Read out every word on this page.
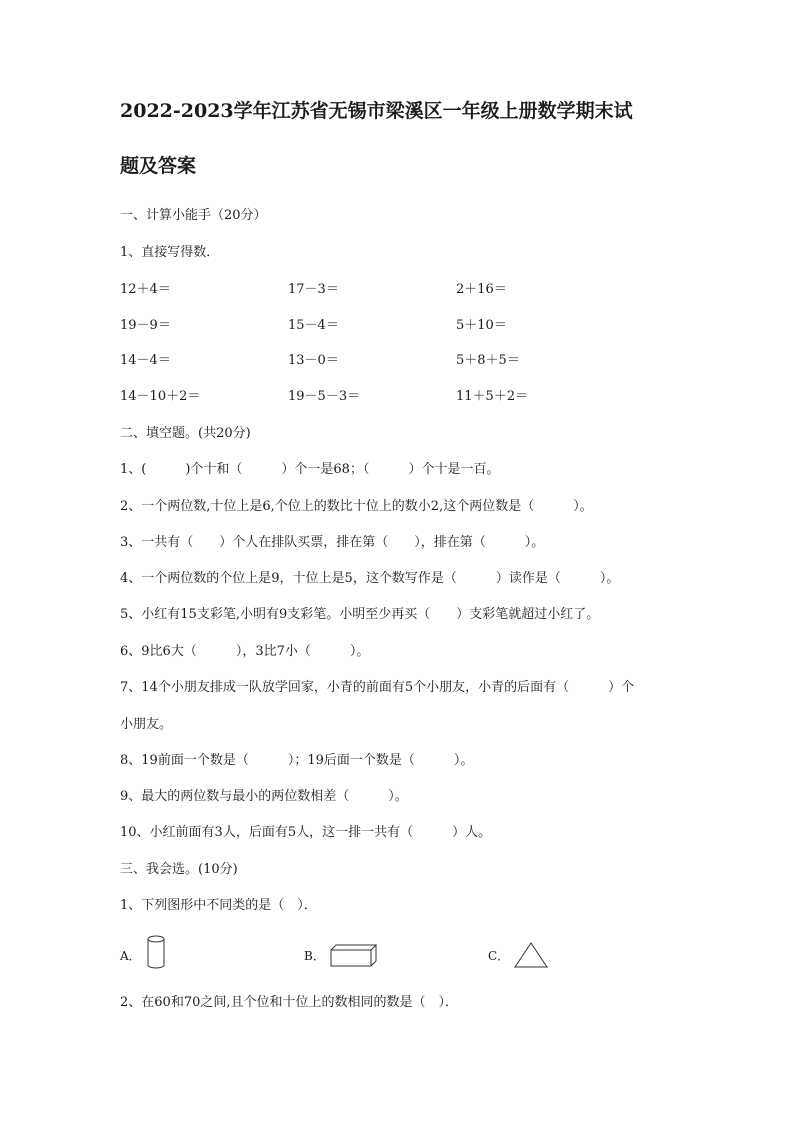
2022-2023学年江苏省无锡市梁溪区一年级上册数学期末试
题及答案
一、计算小能手（20分）
1、直接写得数．
12＋4＝	17－3＝	2＋16＝
19－9＝	15－4＝	5＋10＝
14－4＝	13－0＝	5＋8＋5＝
14－10＋2＝	19－5－3＝	11＋5＋2＝
二、填空题。(共20分)
1、(　　　)个十和（　　　）个一是68；（　　　）个十是一百。
2、一个两位数,十位上是6,个位上的数比十位上的数小2,这个两位数是（　　　）。
3、一共有（　　）个人在排队买票，排在第（　　），排在第（　　　）。
4、一个两位数的个位上是9，十位上是5，这个数写作是（　　　）读作是（　　　）。
5、小红有15支彩笔,小明有9支彩笔。小明至少再买（　　）支彩笔就超过小红了。
6、9比6大（　　　），3比7小（　　　）。
7、14个小朋友排成一队放学回家，小青的前面有5个小朋友，小青的后面有（　　　）个
小朋友。
8、19前面一个数是（　　　）；19后面一个数是（　　　）。
9、最大的两位数与最小的两位数相差（　　　）。
10、小红前面有3人，后面有5人，这一排一共有（　　　）人。
三、我会选。(10分)
1、下列图形中不同类的是（　）．
A．	B．	C．
2、在60和70之间,且个位和十位上的数相同的数是（　）．
